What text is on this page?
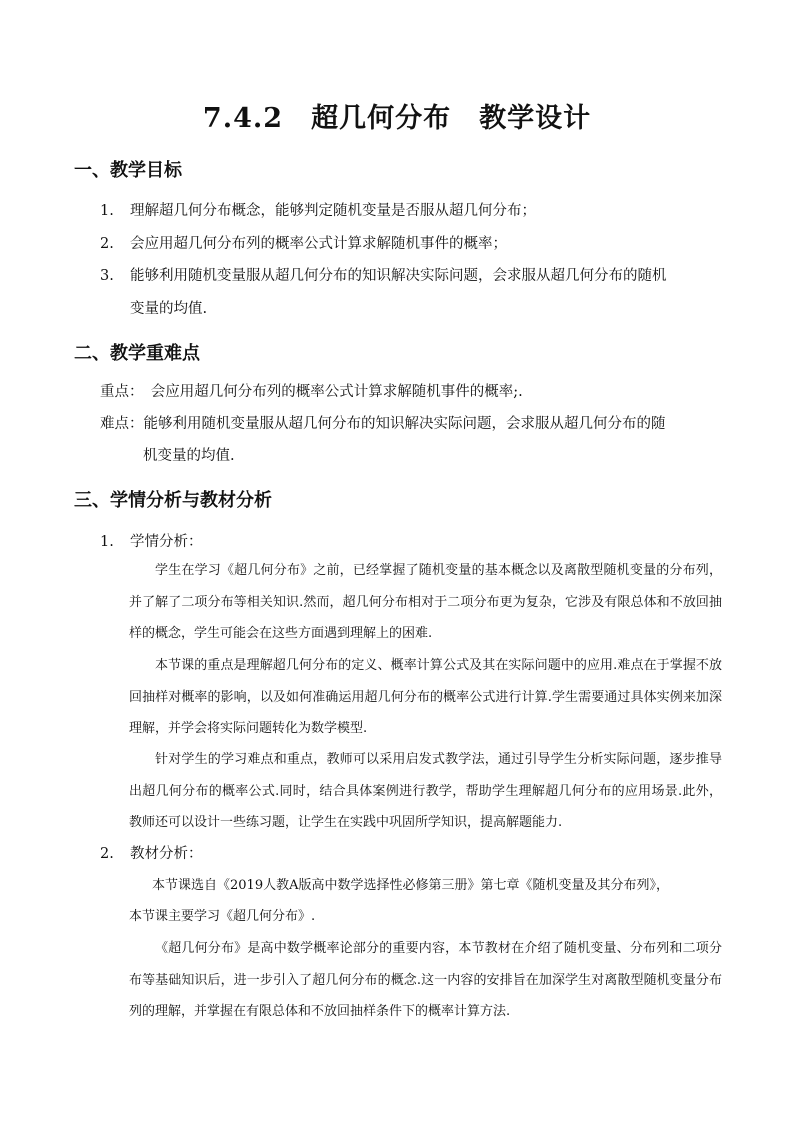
7.4.2　超几何分布　教学设计
一、教学目标
1.	理解超几何分布概念，能够判定随机变量是否服从超几何分布；
2.	会应用超几何分布列的概率公式计算求解随机事件的概率；
3.	能够利用随机变量服从超几何分布的知识解决实际问题，会求服从超几何分布的随机
变量的均值.
二、教学重难点
重点：　会应用超几何分布列的概率公式计算求解随机事件的概率;.
难点：能够利用随机变量服从超几何分布的知识解决实际问题，会求服从超几何分布的随
机变量的均值.
三、学情分析与教材分析
1. 学情分析：
学生在学习《超几何分布》之前，已经掌握了随机变量的基本概念以及离散型随机变量的分布列，并了解了二项分布等相关知识.然而，超几何分布相对于二项分布更为复杂，它涉及有限总体和不放回抽样的概念，学生可能会在这些方面遇到理解上的困难.
本节课的重点是理解超几何分布的定义、概率计算公式及其在实际问题中的应用.难点在于掌握不放回抽样对概率的影响，以及如何准确运用超几何分布的概率公式进行计算.学生需要通过具体实例来加深理解，并学会将实际问题转化为数学模型.
针对学生的学习难点和重点，教师可以采用启发式教学法，通过引导学生分析实际问题，逐步推导出超几何分布的概率公式.同时，结合具体案例进行教学，帮助学生理解超几何分布的应用场景.此外，教师还可以设计一些练习题，让学生在实践中巩固所学知识，提高解题能力.
2. 教材分析：
本节课选自《2019人教A版高中数学选择性必修第三册》第七章《随机变量及其分布列》，
本节课主要学习《超几何分布》.
《超几何分布》是高中数学概率论部分的重要内容，本节教材在介绍了随机变量、分布列和二项分布等基础知识后，进一步引入了超几何分布的概念.这一内容的安排旨在加深学生对离散型随机变量分布列的理解，并掌握在有限总体和不放回抽样条件下的概率计算方法.
